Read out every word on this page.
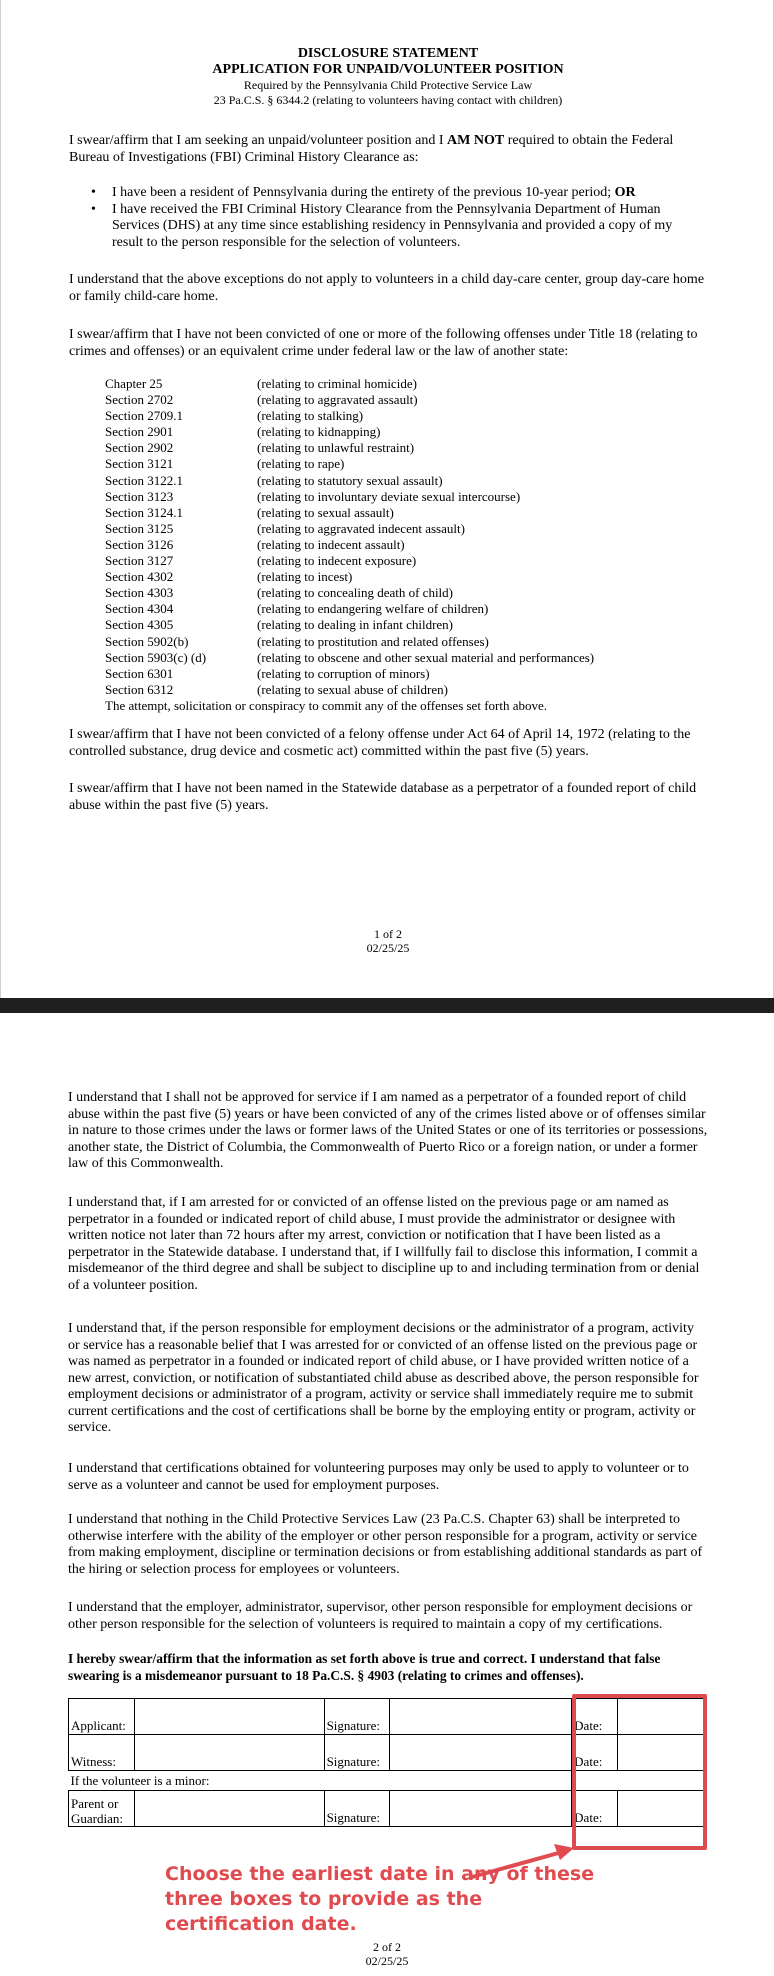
DISCLOSURE STATEMENT
APPLICATION FOR UNPAID/VOLUNTEER POSITION
Required by the Pennsylvania Child Protective Service Law
23 Pa.C.S. § 6344.2 (relating to volunteers having contact with children)
I swear/affirm that I am seeking an unpaid/volunteer position and I AM NOT required to obtain the Federal Bureau of Investigations (FBI) Criminal History Clearance as:
• I have been a resident of Pennsylvania during the entirety of the previous 10-year period; OR
• I have received the FBI Criminal History Clearance from the Pennsylvania Department of Human Services (DHS) at any time since establishing residency in Pennsylvania and provided a copy of my result to the person responsible for the selection of volunteers.
I understand that the above exceptions do not apply to volunteers in a child day-care center, group day-care home or family child-care home.
I swear/affirm that I have not been convicted of one or more of the following offenses under Title 18 (relating to crimes and offenses) or an equivalent crime under federal law or the law of another state:
Chapter 25	(relating to criminal homicide)
Section 2702	(relating to aggravated assault)
Section 2709.1	(relating to stalking)
Section 2901	(relating to kidnapping)
Section 2902	(relating to unlawful restraint)
Section 3121	(relating to rape)
Section 3122.1	(relating to statutory sexual assault)
Section 3123	(relating to involuntary deviate sexual intercourse)
Section 3124.1	(relating to sexual assault)
Section 3125	(relating to aggravated indecent assault)
Section 3126	(relating to indecent assault)
Section 3127	(relating to indecent exposure)
Section 4302	(relating to incest)
Section 4303	(relating to concealing death of child)
Section 4304	(relating to endangering welfare of children)
Section 4305	(relating to dealing in infant children)
Section 5902(b)	(relating to prostitution and related offenses)
Section 5903(c) (d)	(relating to obscene and other sexual material and performances)
Section 6301	(relating to corruption of minors)
Section 6312	(relating to sexual abuse of children)
The attempt, solicitation or conspiracy to commit any of the offenses set forth above.
I swear/affirm that I have not been convicted of a felony offense under Act 64 of April 14, 1972 (relating to the controlled substance, drug device and cosmetic act) committed within the past five (5) years.
I swear/affirm that I have not been named in the Statewide database as a perpetrator of a founded report of child abuse within the past five (5) years.
1 of 2
02/25/25
I understand that I shall not be approved for service if I am named as a perpetrator of a founded report of child abuse within the past five (5) years or have been convicted of any of the crimes listed above or of offenses similar in nature to those crimes under the laws or former laws of the United States or one of its territories or possessions, another state, the District of Columbia, the Commonwealth of Puerto Rico or a foreign nation, or under a former law of this Commonwealth.
I understand that, if I am arrested for or convicted of an offense listed on the previous page or am named as perpetrator in a founded or indicated report of child abuse, I must provide the administrator or designee with written notice not later than 72 hours after my arrest, conviction or notification that I have been listed as a perpetrator in the Statewide database. I understand that, if I willfully fail to disclose this information, I commit a misdemeanor of the third degree and shall be subject to discipline up to and including termination from or denial of a volunteer position.
I understand that, if the person responsible for employment decisions or the administrator of a program, activity or service has a reasonable belief that I was arrested for or convicted of an offense listed on the previous page or was named as perpetrator in a founded or indicated report of child abuse, or I have provided written notice of a new arrest, conviction, or notification of substantiated child abuse as described above, the person responsible for employment decisions or administrator of a program, activity or service shall immediately require me to submit current certifications and the cost of certifications shall be borne by the employing entity or program, activity or service.
I understand that certifications obtained for volunteering purposes may only be used to apply to volunteer or to serve as a volunteer and cannot be used for employment purposes.
I understand that nothing in the Child Protective Services Law (23 Pa.C.S. Chapter 63) shall be interpreted to otherwise interfere with the ability of the employer or other person responsible for a program, activity or service from making employment, discipline or termination decisions or from establishing additional standards as part of the hiring or selection process for employees or volunteers.
I understand that the employer, administrator, supervisor, other person responsible for employment decisions or other person responsible for the selection of volunteers is required to maintain a copy of my certifications.
I hereby swear/affirm that the information as set forth above is true and correct. I understand that false swearing is a misdemeanor pursuant to 18 Pa.C.S. § 4903 (relating to crimes and offenses).
Applicant:		Signature:		Date:	
Witness:		Signature:		Date:	
If the volunteer is a minor:					

Parent or
Guardian:		Signature:		Date:	
Choose the earliest date in any of these three boxes to provide as the certification date.
2 of 2
02/25/25
